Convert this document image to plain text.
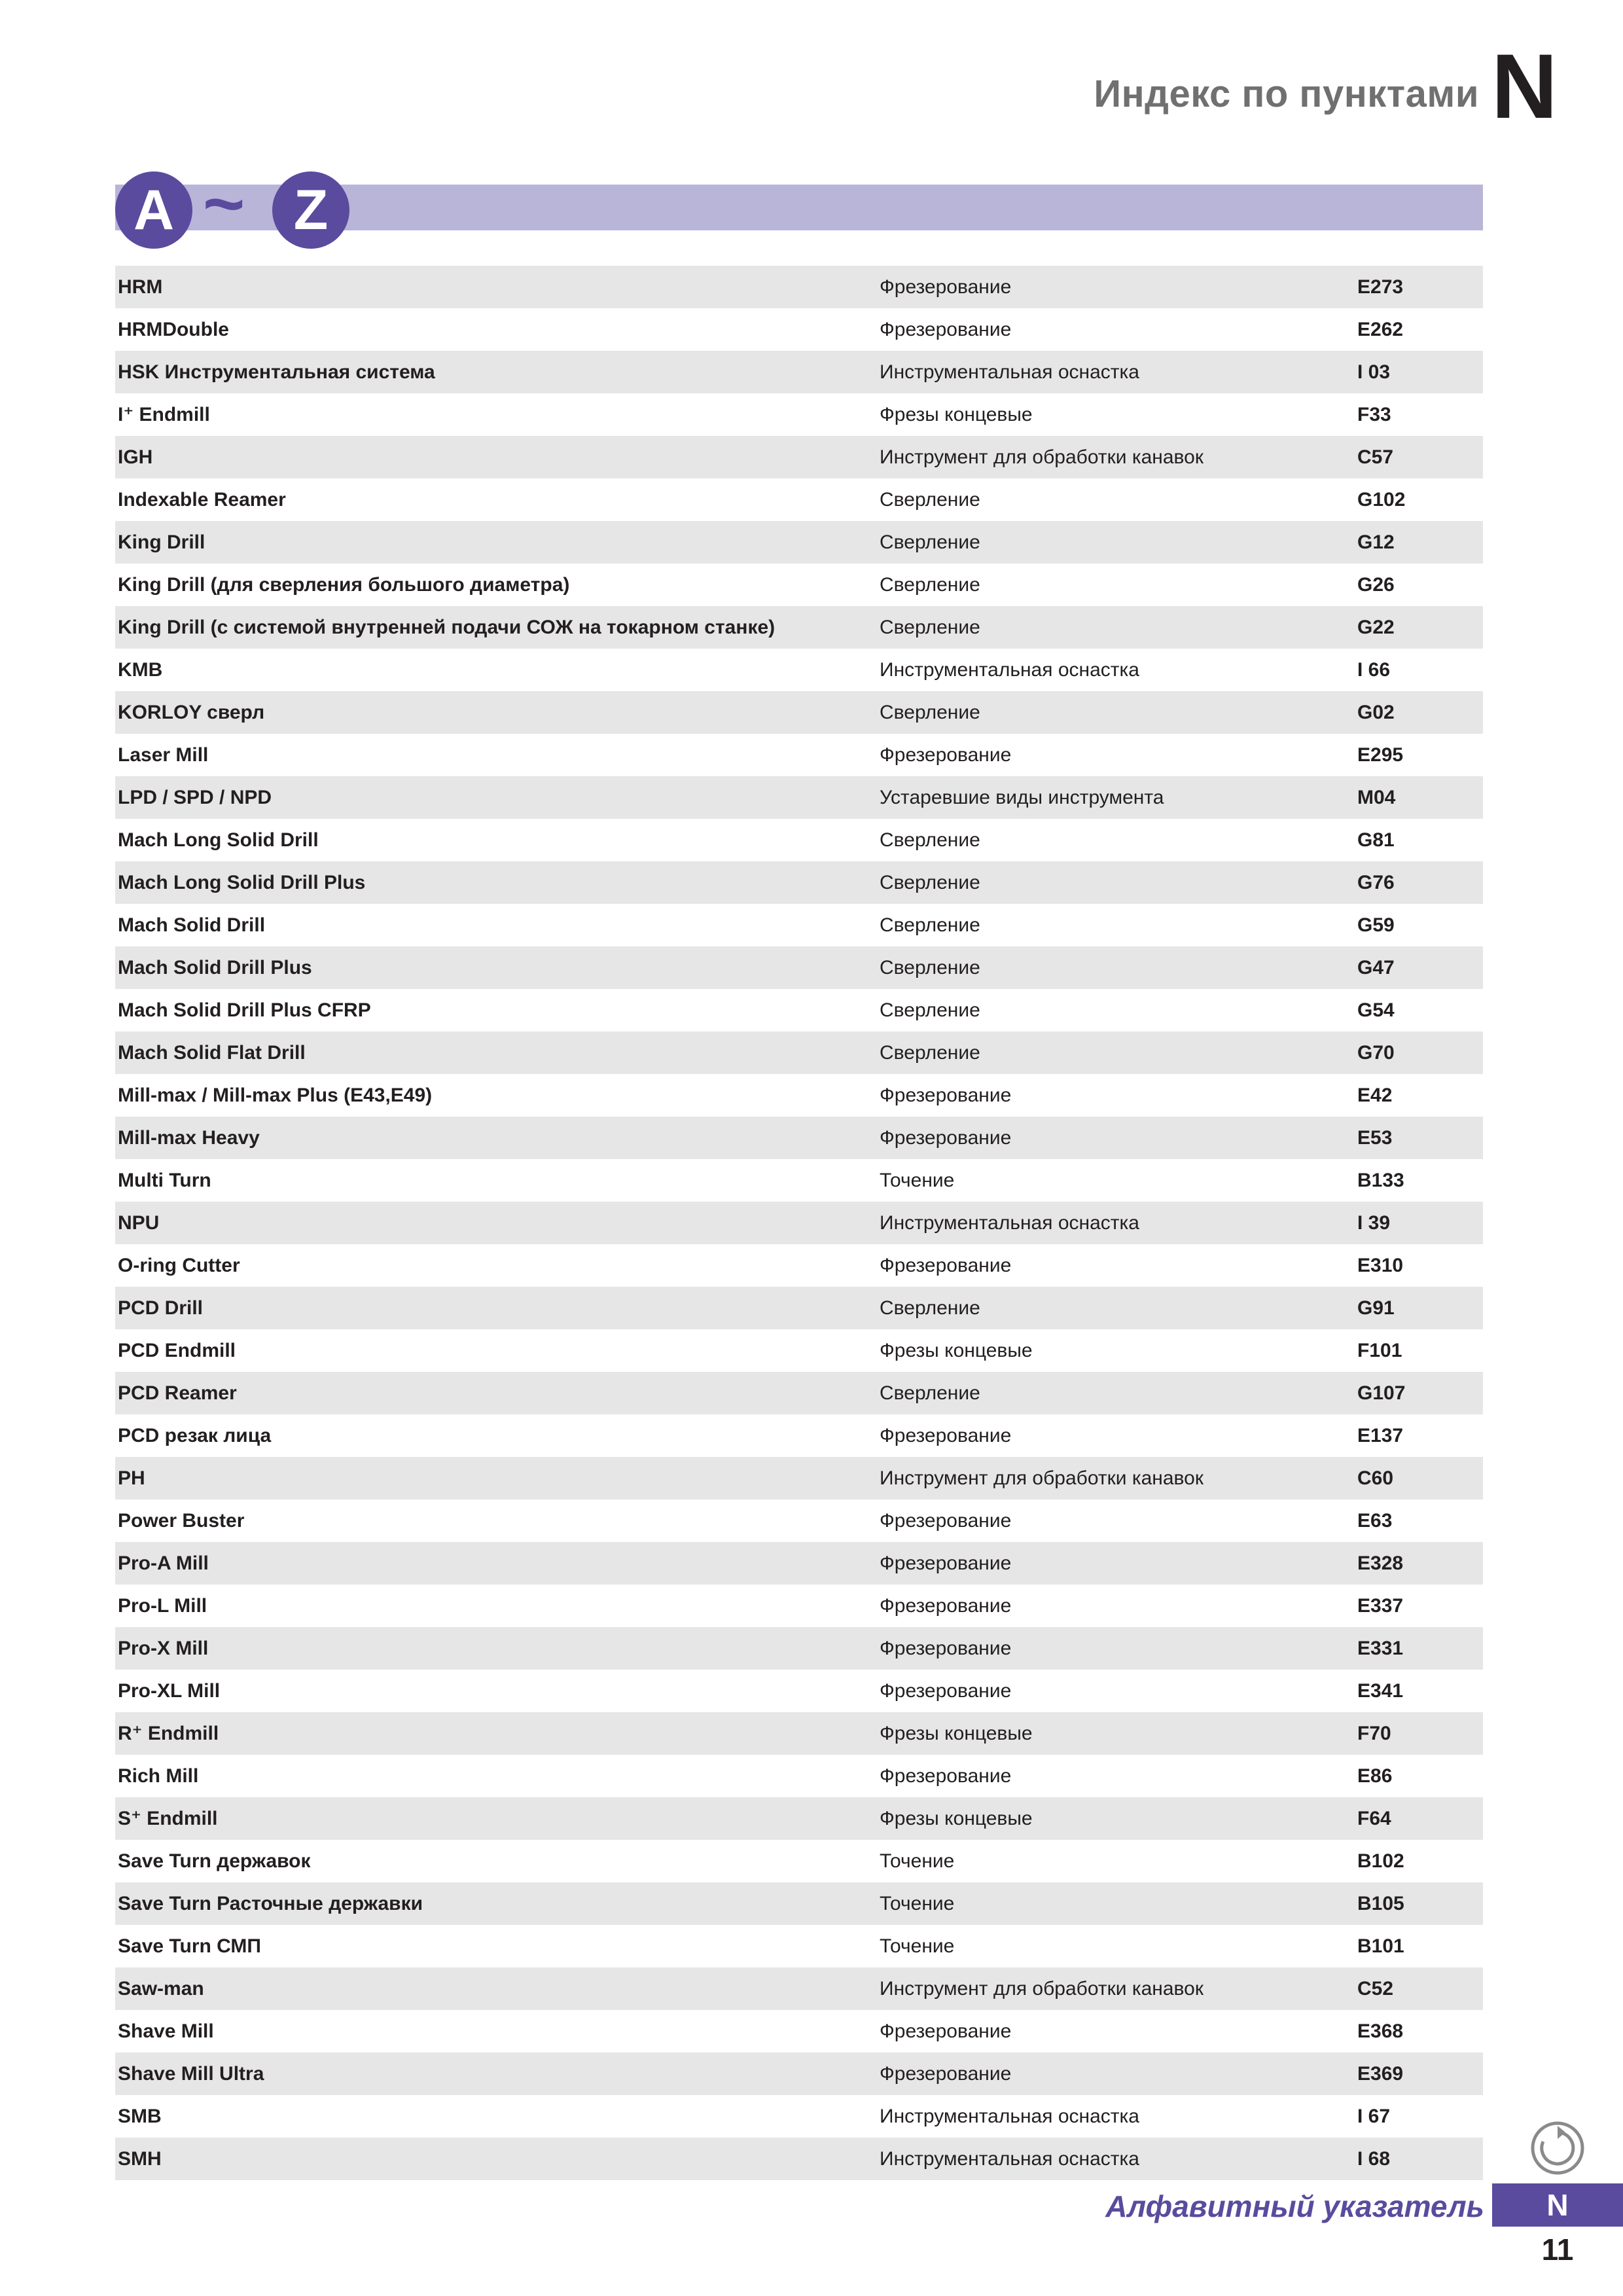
Индекс по пунктами N
A ~ Z
HRM	Фрезерование	E273
HRMDouble	Фрезерование	E262
HSK Инструментальная система	Инструментальная оснастка	I 03
I⁺ Endmill	Фрезы концевые	F33
IGH	Инструмент для обработки канавок	C57
Indexable Reamer	Сверление	G102
King Drill	Сверление	G12
King Drill (для сверления большого диаметра)	Сверление	G26
King Drill (с системой внутренней подачи СОЖ на токарном станке)	Сверление	G22
KMB	Инструментальная оснастка	I 66
KORLOY сверл	Сверление	G02
Laser Mill	Фрезерование	E295
LPD / SPD / NPD	Устаревшие виды инструмента	M04
Mach Long Solid Drill	Сверление	G81
Mach Long Solid Drill Plus	Сверление	G76
Mach Solid Drill	Сверление	G59
Mach Solid Drill Plus	Сверление	G47
Mach Solid Drill Plus CFRP	Сверление	G54
Mach Solid Flat Drill	Сверление	G70
Mill-max / Mill-max Plus (E43,E49)	Фрезерование	E42
Mill-max Heavy	Фрезерование	E53
Multi Turn	Точение	B133
NPU	Инструментальная оснастка	I 39
O-ring Cutter	Фрезерование	E310
PCD Drill	Сверление	G91
PCD Endmill	Фрезы концевые	F101
PCD Reamer	Сверление	G107
PCD резак лица	Фрезерование	E137
PH	Инструмент для обработки канавок	C60
Power Buster	Фрезерование	E63
Pro-A Mill	Фрезерование	E328
Pro-L Mill	Фрезерование	E337
Pro-X Mill	Фрезерование	E331
Pro-XL Mill	Фрезерование	E341
R⁺ Endmill	Фрезы концевые	F70
Rich Mill	Фрезерование	E86
S⁺ Endmill	Фрезы концевые	F64
Save Turn державок	Точение	B102
Save Turn Расточные державки	Точение	B105
Save Turn СМП	Точение	B101
Saw-man	Инструмент для обработки канавок	C52
Shave Mill	Фрезерование	E368
Shave Mill Ultra	Фрезерование	E369
SMB	Инструментальная оснастка	I 67
SMH	Инструментальная оснастка	I 68
Алфавитный указатель	N
11
